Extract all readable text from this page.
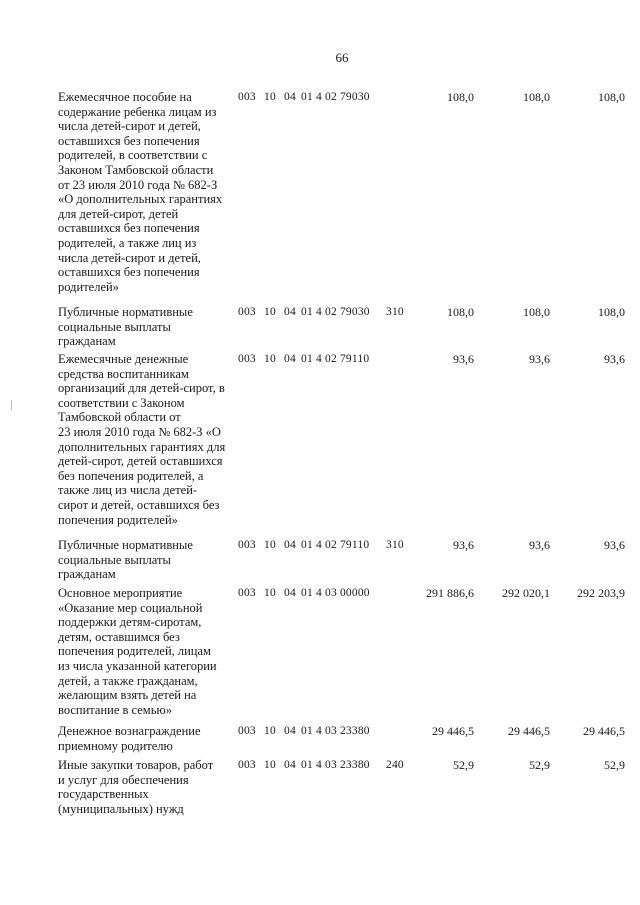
66
Ежемесячное пособие на
содержание ребенка лицам из
числа детей-сирот и детей,
оставшихся без попечения
родителей, в соответствии с
Законом Тамбовской области
от 23 июля 2010 года № 682-З
«О дополнительных гарантиях
для детей-сирот, детей
оставшихся без попечения
родителей, а также лиц из
числа детей-сирот и детей,
оставшихся без попечения
родителей»
003 10 04 01 4 02 79030	108,0	108,0	108,0
Публичные нормативные
социальные выплаты
гражданам
003 10 04 01 4 02 79030 310	108,0	108,0	108,0
Ежемесячные денежные
средства воспитанникам
организаций для детей-сирот, в
соответствии с Законом
Тамбовской области от
23 июля 2010 года № 682-З «О
дополнительных гарантиях для
детей-сирот, детей оставшихся
без попечения родителей, а
также лиц из числа детей-
сирот и детей, оставшихся без
попечения родителей»
003 10 04 01 4 02 79110	93,6	93,6	93,6
Публичные нормативные
социальные выплаты
гражданам
003 10 04 01 4 02 79110 310	93,6	93,6	93,6
Основное мероприятие
«Оказание мер социальной
поддержки детям-сиротам,
детям, оставшимся без
попечения родителей, лицам
из числа указанной категории
детей, а также гражданам,
желающим взять детей на
воспитание в семью»
003 10 04 01 4 03 00000	291 886,6	292 020,1	292 203,9
Денежное вознаграждение
приемному родителю
003 10 04 01 4 03 23380	29 446,5	29 446,5	29 446,5
Иные закупки товаров, работ
и услуг для обеспечения
государственных
(муниципальных) нужд
003 10 04 01 4 03 23380 240	52,9	52,9	52,9
